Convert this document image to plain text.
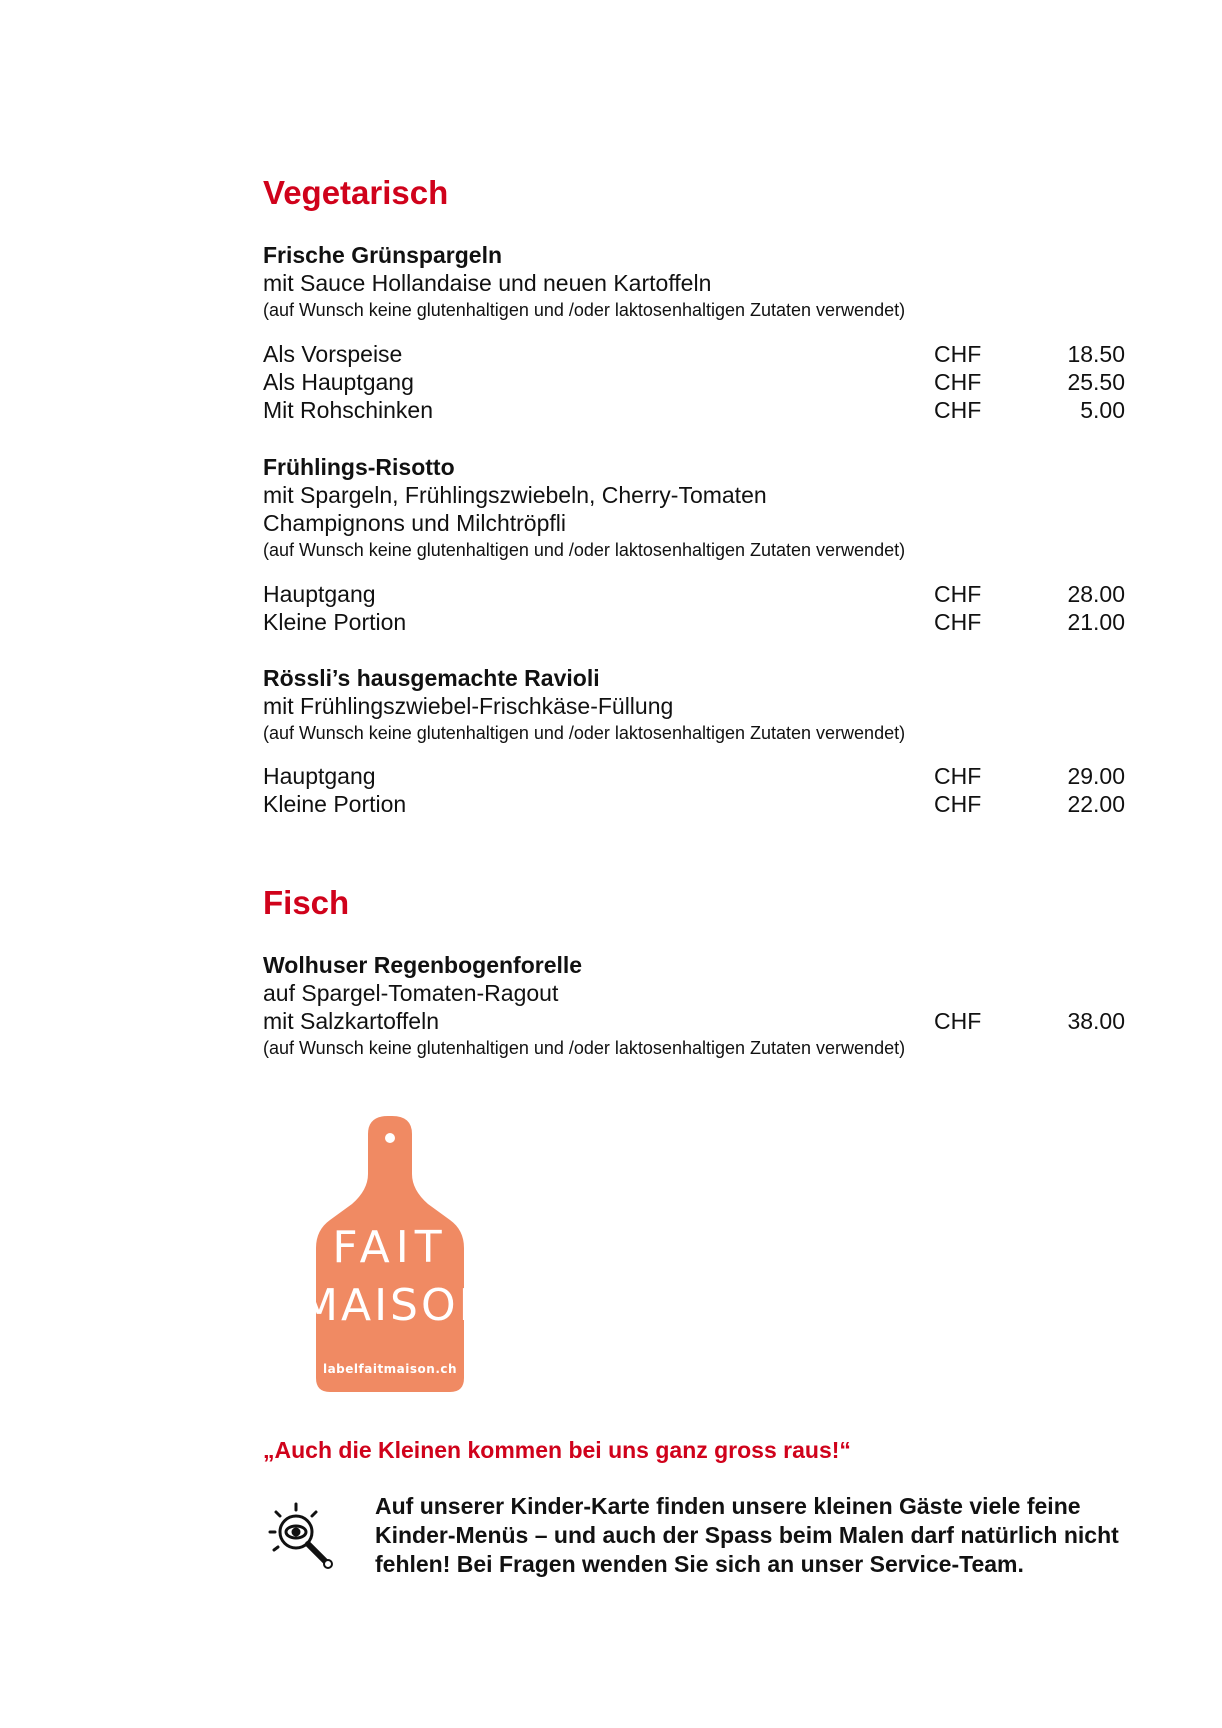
Vegetarisch
Frische Grünspargeln
mit Sauce Hollandaise und neuen Kartoffeln
(auf Wunsch keine glutenhaltigen und /oder laktosenhaltigen Zutaten verwendet)
Als Vorspeise	CHF	18.50
Als Hauptgang	CHF	25.50
Mit Rohschinken	CHF	5.00
Frühlings-Risotto
mit Spargeln, Frühlingszwiebeln, Cherry-Tomaten
Champignons und Milchtröpfli
(auf Wunsch keine glutenhaltigen und /oder laktosenhaltigen Zutaten verwendet)
Hauptgang	CHF	28.00
Kleine Portion	CHF	21.00
Rössli’s hausgemachte Ravioli
mit Frühlingszwiebel-Frischkäse-Füllung
(auf Wunsch keine glutenhaltigen und /oder laktosenhaltigen Zutaten verwendet)
Hauptgang	CHF	29.00
Kleine Portion	CHF	22.00
Fisch
Wolhuser Regenbogenforelle
auf Spargel-Tomaten-Ragout
mit Salzkartoffeln	CHF	38.00
(auf Wunsch keine glutenhaltigen und /oder laktosenhaltigen Zutaten verwendet)
FAIT
MAISON
labelfaitmaison.ch
„Auch die Kleinen kommen bei uns ganz gross raus!“
Auf unserer Kinder-Karte finden unsere kleinen Gäste viele feine Kinder-Menüs – und auch der Spass beim Malen darf natürlich nicht fehlen! Bei Fragen wenden Sie sich an unser Service-Team.
